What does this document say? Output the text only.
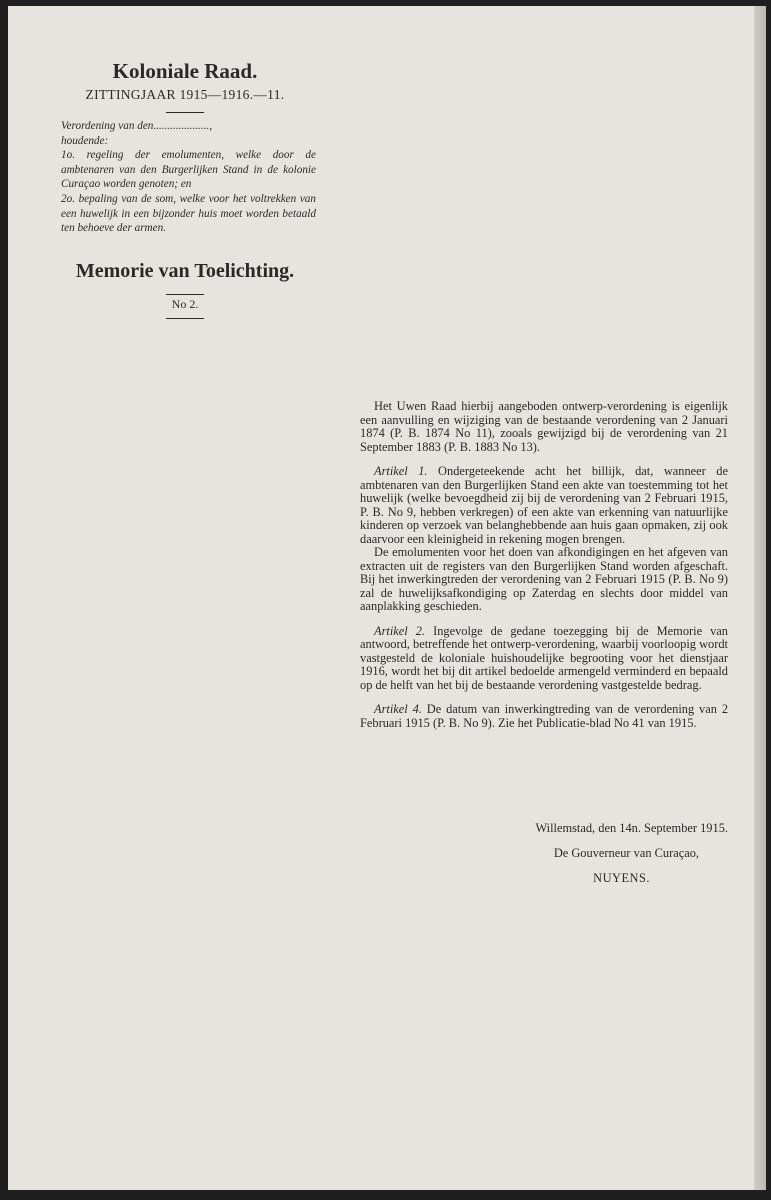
Koloniale Raad.
ZITTINGJAAR 1915—1916.—11.

Verordening van den....................,

houdende:

1o. regeling der emolumenten, welke door de ambtenaren van den Burgerlijken Stand in de kolonie Curaçao worden genoten; en

2o. bepaling van de som, welke voor het voltrekken van een huwelijk in een bijzonder huis moet worden betaald ten behoeve der armen.

Memorie van Toelichting.
No 2.

Het Uwen Raad hierbij aangeboden ontwerp-verordening is eigenlijk een aanvulling en wijziging van de bestaande verordening van 2 Januari 1874 (P. B. 1874 No 11), zooals gewijzigd bij de verordening van 21 September 1883 (P. B. 1883 No 13).

Artikel 1. Ondergeteekende acht het billijk, dat, wanneer de ambtenaren van den Burgerlijken Stand een akte van toestemming tot het huwelijk (welke bevoegdheid zij bij de verordening van 2 Februari 1915, P. B. No 9, hebben verkregen) of een akte van erkenning van natuurlijke kinderen op verzoek van belanghebbende aan huis gaan opmaken, zij ook daarvoor een kleinigheid in rekening mogen brengen.

De emolumenten voor het doen van afkondigingen en het afgeven van extracten uit de registers van den Burgerlijken Stand worden afgeschaft. Bij het inwerkingtreden der verordening van 2 Februari 1915 (P. B. No 9) zal de huwelijksafkondiging op Zaterdag en slechts door middel van aanplakking geschieden.

Artikel 2. Ingevolge de gedane toezegging bij de Memorie van antwoord, betreffende het ontwerp-verordening, waarbij voorloopig wordt vastgesteld de koloniale huishoudelijke begrooting voor het dienstjaar 1916, wordt het bij dit artikel bedoelde armengeld verminderd en bepaald op de helft van het bij de bestaande verordening vastgestelde bedrag.

Artikel 4. De datum van inwerkingtreding van de verordening van 2 Februari 1915 (P. B. No 9). Zie het Publicatie-blad No 41 van 1915.

Willemstad, den 14n. September 1915.

De Gouverneur van Curaçao,

NUYENS.
